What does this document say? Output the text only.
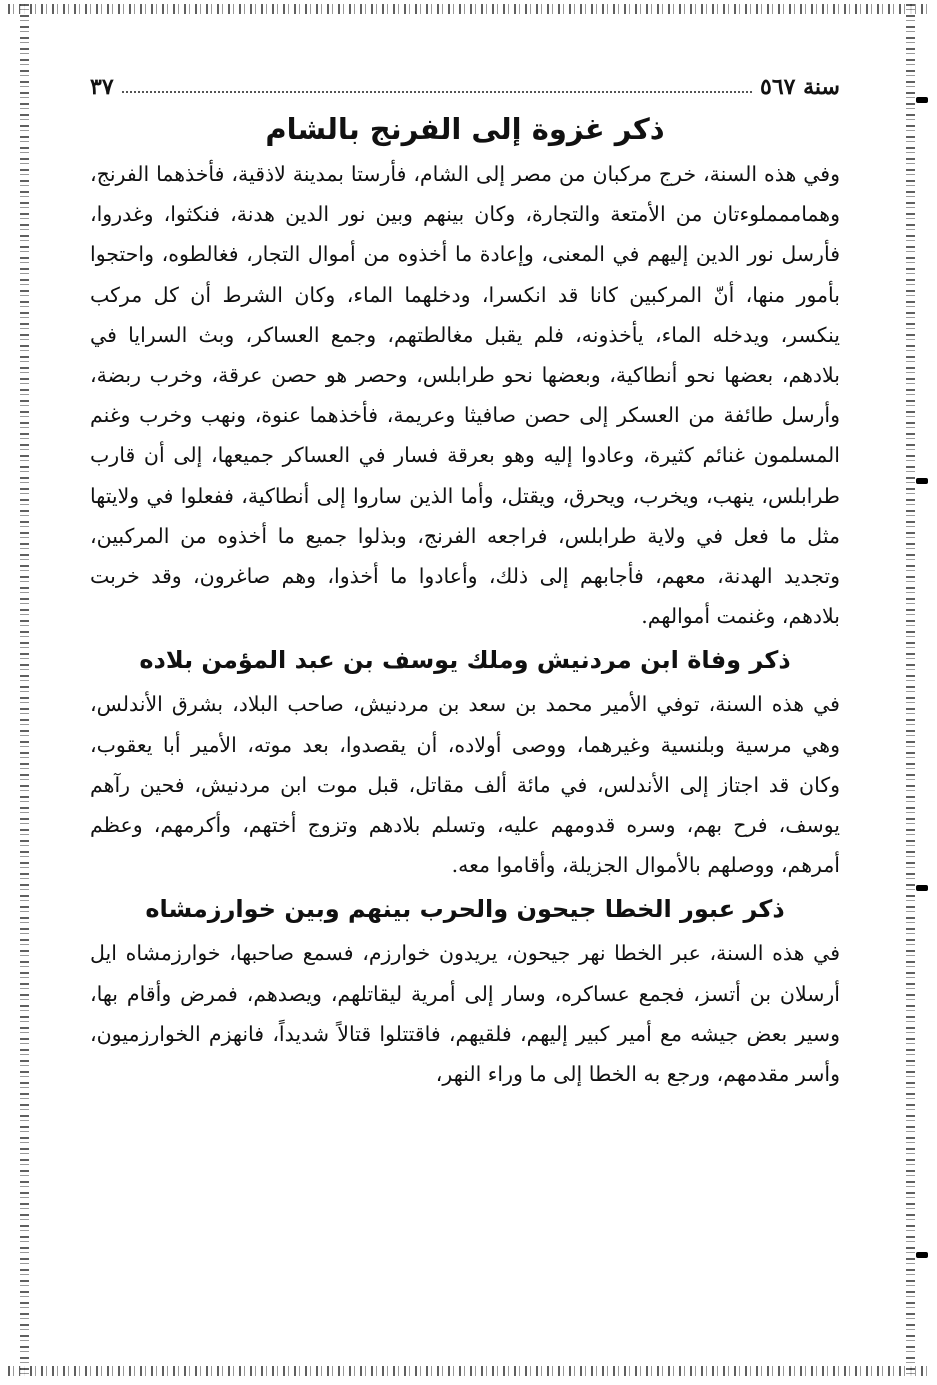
سنة ٥٦٧
٣٧
ذكر غزوة إلى الفرنج بالشام

وفي هذه السنة، خرج مركبان من مصر إلى الشام، فأرستا بمدينة لاذقية، فأخذهما الفرنج، وهماممملوءتان من الأمتعة والتجارة، وكان بينهم وبين نور الدين هدنة، فنكثوا، وغدروا، فأرسل نور الدين إليهم في المعنى، وإعادة ما أخذوه من أموال التجار، فغالطوه، واحتجوا بأمور منها، أنّ المركبين كانا قد انكسرا، ودخلهما الماء، وكان الشرط أن كل مركب ينكسر، ويدخله الماء، يأخذونه، فلم يقبل مغالطتهم، وجمع العساكر، وبث السرايا في بلادهم، بعضها نحو أنطاكية، وبعضها نحو طرابلس، وحصر هو حصن عرقة، وخرب ربضة، وأرسل طائفة من العسكر إلى حصن صافيثا وعريمة، فأخذهما عنوة، ونهب وخرب وغنم المسلمون غنائم كثيرة، وعادوا إليه وهو بعرقة فسار في العساكر جميعها، إلى أن قارب طرابلس، ينهب، ويخرب، ويحرق، ويقتل، وأما الذين ساروا إلى أنطاكية، ففعلوا في ولايتها مثل ما فعل في ولاية طرابلس، فراجعه الفرنج، وبذلوا جميع ما أخذوه من المركبين، وتجديد الهدنة، معهم، فأجابهم إلى ذلك، وأعادوا ما أخذوا، وهم صاغرون، وقد خربت بلادهم، وغنمت أموالهم.

ذكر وفاة ابن مردنيش وملك يوسف بن عبد المؤمن بلاده

في هذه السنة، توفي الأمير محمد بن سعد بن مردنيش، صاحب البلاد، بشرق الأندلس، وهي مرسية وبلنسية وغيرهما، ووصى أولاده، أن يقصدوا، بعد موته، الأمير أبا يعقوب، وكان قد اجتاز إلى الأندلس، في مائة ألف مقاتل، قبل موت ابن مردنيش، فحين رآهم يوسف، فرح بهم، وسره قدومهم عليه، وتسلم بلادهم وتزوج أختهم، وأكرمهم، وعظم أمرهم، ووصلهم بالأموال الجزيلة، وأقاموا معه.

ذكر عبور الخطا جيحون والحرب بينهم وبين خوارزمشاه

في هذه السنة، عبر الخطا نهر جيحون، يريدون خوارزم، فسمع صاحبها، خوارزمشاه ايل أرسلان بن أتسز، فجمع عساكره، وسار إلى أمرية ليقاتلهم، ويصدهم، فمرض وأقام بها، وسير بعض جيشه مع أمير كبير إليهم، فلقيهم، فاقتتلوا قتالاً شديداً، فانهزم الخوارزميون، وأسر مقدمهم، ورجع به الخطا إلى ما وراء النهر،
